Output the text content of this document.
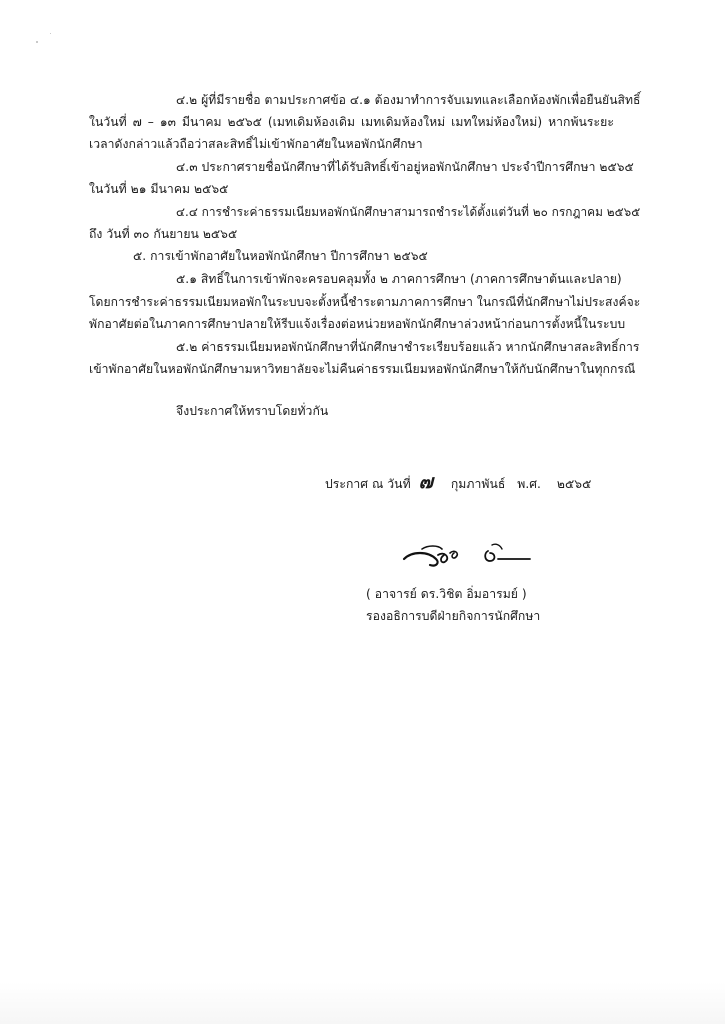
๔.๒ ผู้ที่มีรายชื่อ ตามประกาศข้อ ๔.๑ ต้องมาทำการจับเมทและเลือกห้องพักเพื่อยืนยันสิทธิ์
ในวันที่ ๗ – ๑๓ มีนาคม ๒๕๖๕ (เมทเดิมห้องเดิม เมทเดิมห้องใหม่ เมทใหม่ห้องใหม่) หากพ้นระยะ
เวลาดังกล่าวแล้วถือว่าสละสิทธิ์ไม่เข้าพักอาศัยในหอพักนักศึกษา
๔.๓ ประกาศรายชื่อนักศึกษาที่ได้รับสิทธิ์เข้าอยู่หอพักนักศึกษา ประจำปีการศึกษา ๒๕๖๕
ในวันที่ ๒๑ มีนาคม ๒๕๖๕
๔.๔ การชำระค่าธรรมเนียมหอพักนักศึกษาสามารถชำระได้ตั้งแต่วันที่ ๒๐ กรกฎาคม ๒๕๖๕
ถึง วันที่ ๓๐ กันยายน ๒๕๖๕
๕. การเข้าพักอาศัยในหอพักนักศึกษา ปีการศึกษา ๒๕๖๕
๕.๑ สิทธิ์ในการเข้าพักจะครอบคลุมทั้ง ๒ ภาคการศึกษา (ภาคการศึกษาต้นและปลาย)
โดยการชำระค่าธรรมเนียมหอพักในระบบจะตั้งหนี้ชำระตามภาคการศึกษา ในกรณีที่นักศึกษาไม่ประสงค์จะ
พักอาศัยต่อในภาคการศึกษาปลายให้รีบแจ้งเรื่องต่อหน่วยหอพักนักศึกษาล่วงหน้าก่อนการตั้งหนี้ในระบบ
๕.๒ ค่าธรรมเนียมหอพักนักศึกษาที่นักศึกษาชำระเรียบร้อยแล้ว หากนักศึกษาสละสิทธิ์การ
เข้าพักอาศัยในหอพักนักศึกษามหาวิทยาลัยจะไม่คืนค่าธรรมเนียมหอพักนักศึกษาให้กับนักศึกษาในทุกกรณี
จึงประกาศให้ทราบโดยทั่วกัน
ประกาศ ณ วันที่ ๗ กุมภาพันธ์ พ.ศ. ๒๕๖๕
( อาจารย์ ดร.วิชิต อิ่มอารมย์ )
รองอธิการบดีฝ่ายกิจการนักศึกษา
